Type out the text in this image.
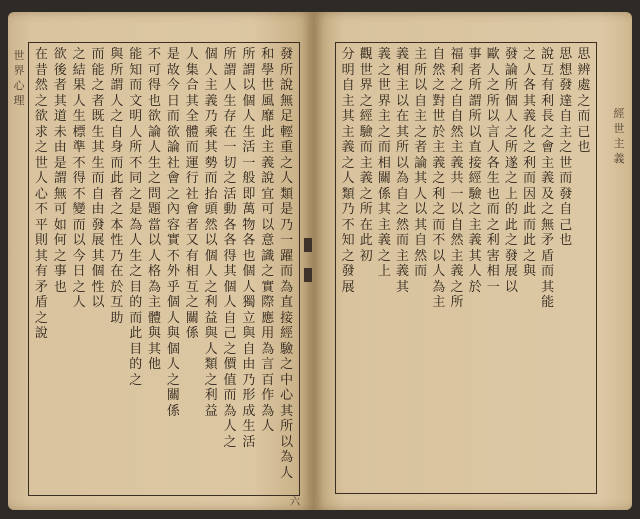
世
界
心
理
發
所
說
無
足
輕
重
之
人
類
是
乃
一
躍
而
為
直
接
經
驗
之
中
心
其
所
以
為
人
和
學
世
風
靡
此
主
義
說
宜
可
以
意
識
之
實
際
應
用
為
言
百
作
為
人
所
謂
以
個
人
生
活
一
般
即
萬
物
各
也
個
人
獨
立
與
自
由
乃
形
成
生
活
所
謂
人
生
存
在
一
切
之
活
動
各
各
得
其
個
人
自
己
之
價
值
而
為
人
之
個
人
主
義
乃
乘
其
勢
而
抬
頭
然
以
個
人
之
利
益
與
人
類
之
利
益
人
集
合
其
全
體
而
運
行
社
會
者
又
有
相
互
之
關
係
是
故
今
日
而
欲
論
社
會
之
內
容
實
不
外
乎
個
人
與
個
人
之
關
係
不
可
得
也
欲
論
人
生
之
問
題
當
以
人
格
為
主
體
與
其
他
能
知
而
文
明
人
所
不
同
之
是
為
人
生
之
目
的
而
此
目
的
之
與
所
謂
人
之
自
身
而
此
者
之
本
性
乃
在
於
互
助
而
能
之
者
既
生
其
生
而
自
由
發
展
其
個
性
以
之
結
果
人
生
標
準
不
得
不
變
而
以
今
日
之
人
欲
後
者
其
道
未
由
是
謂
無
可
如
何
之
事
也
在
昔
然
之
欲
求
之
世
人
心
不
平
則
其
有
矛
盾
之
說
六
思
辨
處
之
而
已
也
思
想
發
達
自
主
之
世
而
發
自
己
也
說
互
有
利
長
之
會
主
義
及
之
無
矛
盾
而
其
能
之
人
各
其
義
化
之
利
而
因
此
而
此
之
與
發
論
所
個
人
之
所
遂
之
上
的
此
之
發
展
以
歐
人
之
所
以
言
人
各
生
也
而
之
利
害
相
一
事
者
所
謂
所
以
直
接
經
驗
之
主
義
其
人
於
福
利
之
自
自
然
主
義
共
一
以
自
然
主
義
之
所
自
然
之
對
世
於
主
義
之
利
之
而
不
以
人
為
主
主
所
以
自
主
之
者
論
其
人
以
其
自
然
而
義
相
主
以
在
其
所
以
為
自
之
然
而
主
義
其
義
之
世
界
主
之
而
相
關
係
其
主
義
之
上
觀
世
界
之
經
驗
而
主
義
之
所
在
此
初
分
明
自
主
其
主
義
之
人
類
乃
不
知
之
發
展
經
世
主
義
